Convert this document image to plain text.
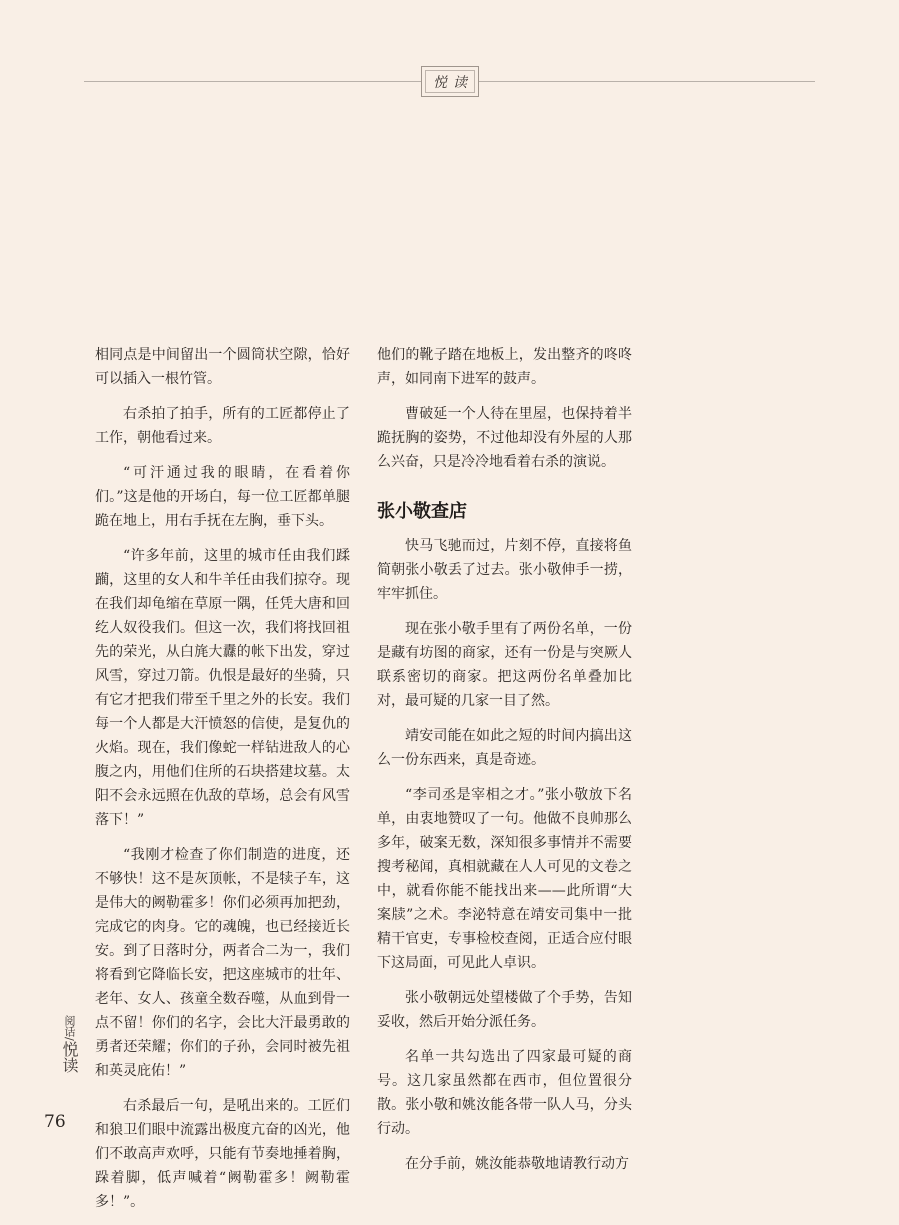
悦读

相同点是中间留出一个圆筒状空隙，恰好可以插入一根竹管。

右杀拍了拍手，所有的工匠都停止了工作，朝他看过来。

“可汗通过我的眼睛，在看着你们。”这是他的开场白，每一位工匠都单腿跪在地上，用右手抚在左胸，垂下头。

“许多年前，这里的城市任由我们蹂躏，这里的女人和牛羊任由我们掠夺。现在我们却龟缩在草原一隅，任凭大唐和回纥人奴役我们。但这一次，我们将找回祖先的荣光，从白旄大纛的帐下出发，穿过风雪，穿过刀箭。仇恨是最好的坐骑，只有它才把我们带至千里之外的长安。我们每一个人都是大汗愤怒的信使，是复仇的火焰。现在，我们像蛇一样钻进敌人的心腹之内，用他们住所的石块搭建坟墓。太阳不会永远照在仇敌的草场，总会有风雪落下！”

“我刚才检查了你们制造的进度，还不够快！这不是灰顶帐，不是犊子车，这是伟大的阙勒霍多！你们必须再加把劲，完成它的肉身。它的魂魄，也已经接近长安。到了日落时分，两者合二为一，我们将看到它降临长安，把这座城市的壮年、老年、女人、孩童全数吞噬，从血到骨一点不留！你们的名字，会比大汗最勇敢的勇者还荣耀；你们的子孙，会同时被先祖和英灵庇佑！”

右杀最后一句，是吼出来的。工匠们和狼卫们眼中流露出极度亢奋的凶光，他们不敢高声欢呼，只能有节奏地捶着胸，跺着脚，低声喊着“阙勒霍多！阙勒霍多！”。

他们的靴子踏在地板上，发出整齐的咚咚声，如同南下进军的鼓声。

曹破延一个人待在里屋，也保持着半跪抚胸的姿势，不过他却没有外屋的人那么兴奋，只是冷冷地看着右杀的演说。

张小敬查店

快马飞驰而过，片刻不停，直接将鱼简朝张小敬丢了过去。张小敬伸手一捞，牢牢抓住。

现在张小敬手里有了两份名单，一份是藏有坊图的商家，还有一份是与突厥人联系密切的商家。把这两份名单叠加比对，最可疑的几家一目了然。

靖安司能在如此之短的时间内搞出这么一份东西来，真是奇迹。

“李司丞是宰相之才。”张小敬放下名单，由衷地赞叹了一句。他做不良帅那么多年，破案无数，深知很多事情并不需要搜考秘闻，真相就藏在人人可见的文卷之中，就看你能不能找出来——此所谓“大案牍”之术。李泌特意在靖安司集中一批精干官吏，专事检校查阅，正适合应付眼下这局面，可见此人卓识。

张小敬朝远处望楼做了个手势，告知妥收，然后开始分派任务。

名单一共勾选出了四家最可疑的商号。这几家虽然都在西市，但位置很分散。张小敬和姚汝能各带一队人马，分头行动。

在分手前，姚汝能恭敬地请教行动方

阅话/悦读
76
